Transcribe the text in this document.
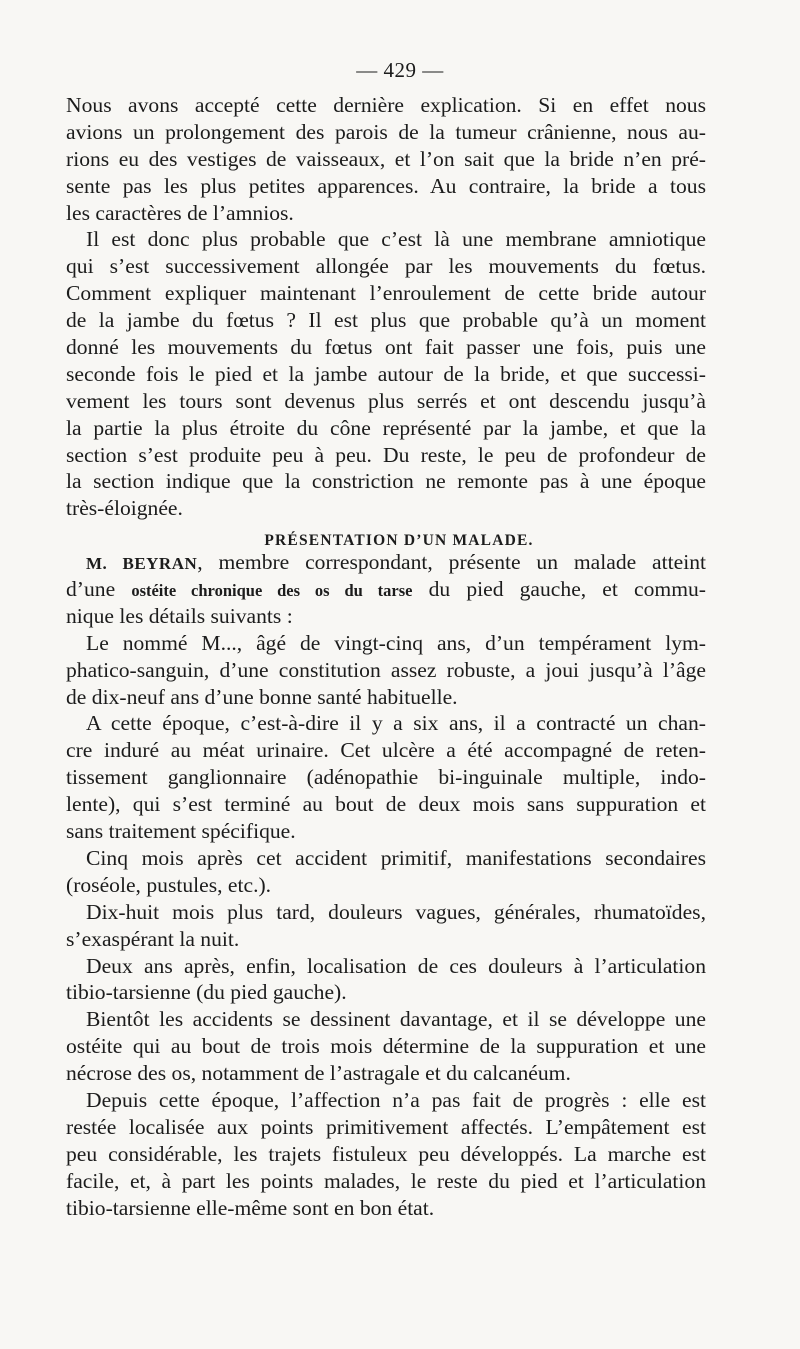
— 429 —
Nous avons accepté cette dernière explication. Si en effet nous
avions un prolongement des parois de la tumeur crânienne, nous au-
rions eu des vestiges de vaisseaux, et l’on sait que la bride n’en pré-
sente pas les plus petites apparences. Au contraire, la bride a tous
les caractères de l’amnios.
Il est donc plus probable que c’est là une membrane amniotique
qui s’est successivement allongée par les mouvements du fœtus.
Comment expliquer maintenant l’enroulement de cette bride autour
de la jambe du fœtus ? Il est plus que probable qu’à un moment
donné les mouvements du fœtus ont fait passer une fois, puis une
seconde fois le pied et la jambe autour de la bride, et que successi-
vement les tours sont devenus plus serrés et ont descendu jusqu’à
la partie la plus étroite du cône représenté par la jambe, et que la
section s’est produite peu à peu. Du reste, le peu de profondeur de
la section indique que la constriction ne remonte pas à une époque
très-éloignée.
PRÉSENTATION D’UN MALADE.
M. BEYRAN, membre correspondant, présente un malade atteint
d’une ostéite chronique des os du tarse du pied gauche, et commu-
nique les détails suivants :
Le nommé M..., âgé de vingt-cinq ans, d’un tempérament lym-
phatico-sanguin, d’une constitution assez robuste, a joui jusqu’à l’âge
de dix-neuf ans d’une bonne santé habituelle.
A cette époque, c’est-à-dire il y a six ans, il a contracté un chan-
cre induré au méat urinaire. Cet ulcère a été accompagné de reten-
tissement ganglionnaire (adénopathie bi-inguinale multiple, indo-
lente), qui s’est terminé au bout de deux mois sans suppuration et
sans traitement spécifique.
Cinq mois après cet accident primitif, manifestations secondaires
(roséole, pustules, etc.).
Dix-huit mois plus tard, douleurs vagues, générales, rhumatoïdes,
s’exaspérant la nuit.
Deux ans après, enfin, localisation de ces douleurs à l’articulation
tibio-tarsienne (du pied gauche).
Bientôt les accidents se dessinent davantage, et il se développe une
ostéite qui au bout de trois mois détermine de la suppuration et une
nécrose des os, notamment de l’astragale et du calcanéum.
Depuis cette époque, l’affection n’a pas fait de progrès : elle est
restée localisée aux points primitivement affectés. L’empâtement est
peu considérable, les trajets fistuleux peu développés. La marche est
facile, et, à part les points malades, le reste du pied et l’articulation
tibio-tarsienne elle-même sont en bon état.
